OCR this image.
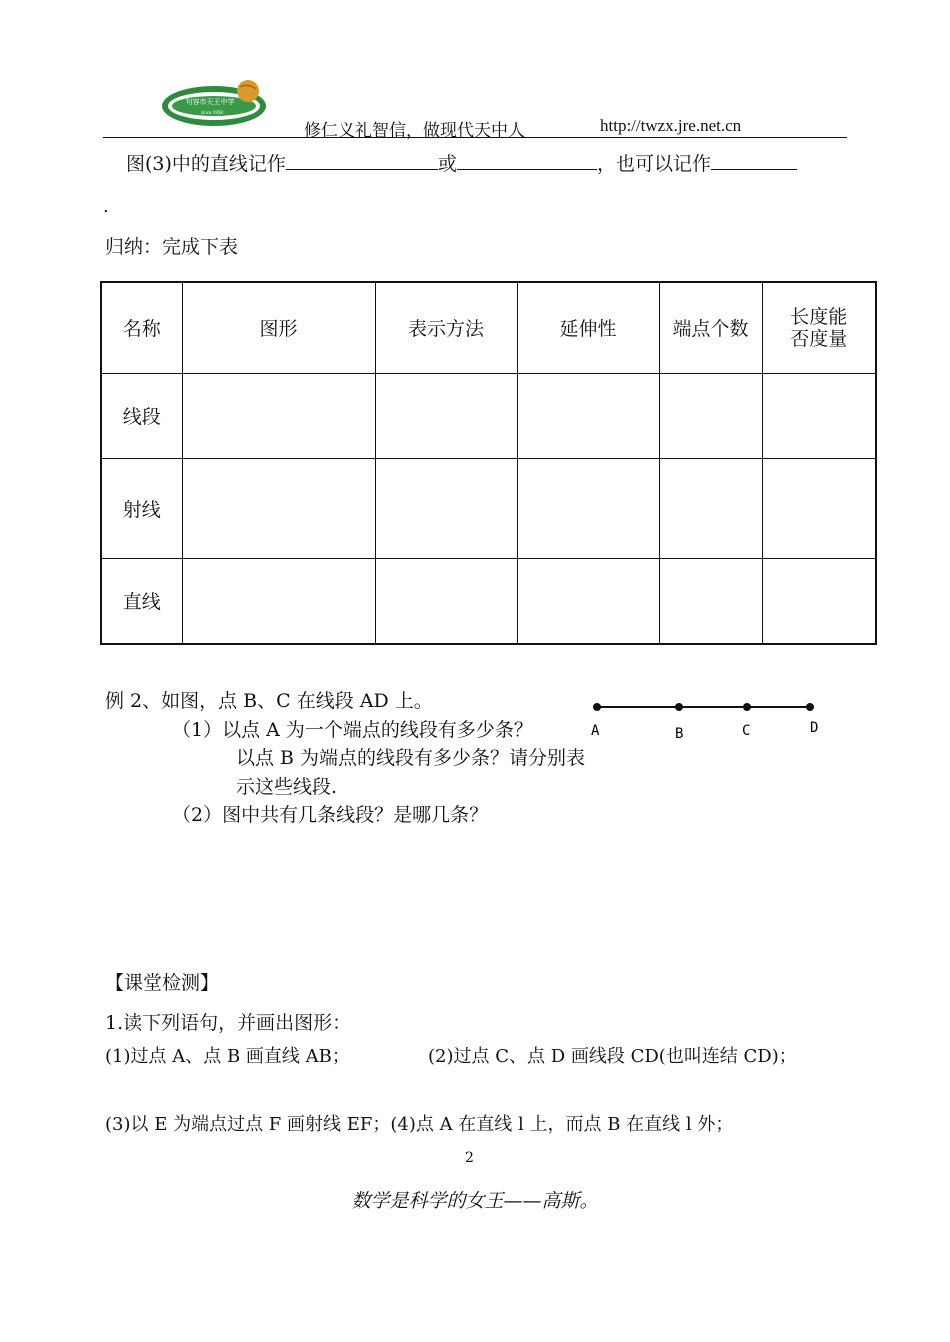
句容市天王中学
since 1958
修仁义礼智信，做现代天中人	http://twzx.jre.net.cn
图(3)中的直线记作	或	，也可以记作
.
归纳：完成下表
名称	图形	表示方法	延伸性	端点个数	长度能否度量
线段					
射线					
直线					
例 2、如图，点 B、C 在线段 AD 上。
（1）以点 A 为一个端点的线段有多少条？
以点 B 为端点的线段有多少条？请分别表
示这些线段.
（2）图中共有几条线段？是哪几条？
A	B	C	D
【课堂检测】
1.读下列语句，并画出图形：
(1)过点 A、点 B 画直线 AB；	(2)过点 C、点 D 画线段 CD(也叫连结 CD)；
(3)以 E 为端点过点 F 画射线 EF；(4)点 A 在直线 l 上，而点 B 在直线 l 外；
2
数学是科学的女王——高斯。
